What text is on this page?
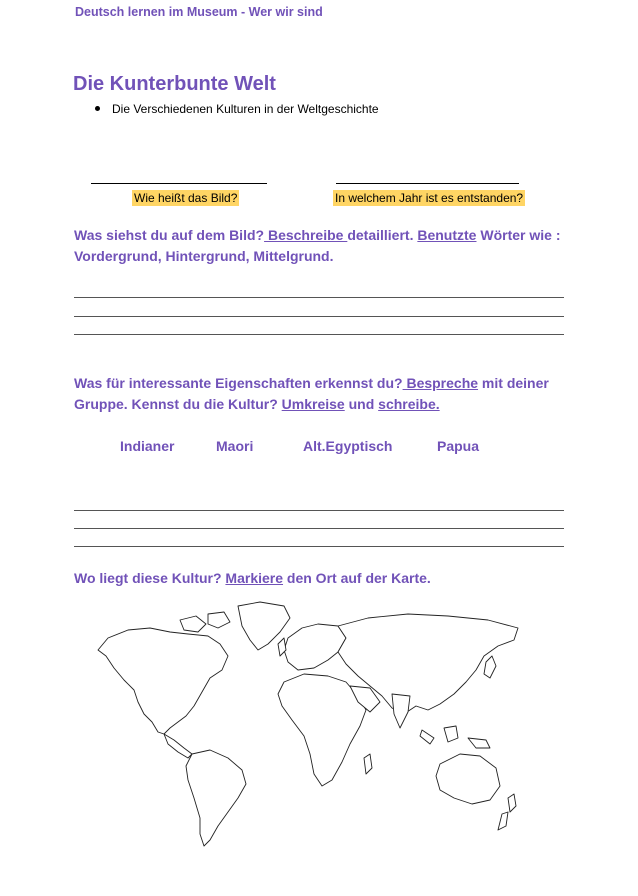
Deutsch lernen im Museum - Wer wir sind
Die Kunterbunte Welt
Die Verschiedenen Kulturen in der Weltgeschichte
Wie heißt das Bild?	In welchem Jahr ist es entstanden?
Was siehst du auf dem Bild? Beschreibe detailliert. Benutzte Wörter wie : Vordergrund, Hintergrund, Mittelgrund.
Was für interessante Eigenschaften erkennst du? Bespreche mit deiner Gruppe. Kennst du die Kultur? Umkreise und schreibe.
Indianer	Maori	Alt.Egyptisch	Papua
Wo liegt diese Kultur? Markiere den Ort auf der Karte.
